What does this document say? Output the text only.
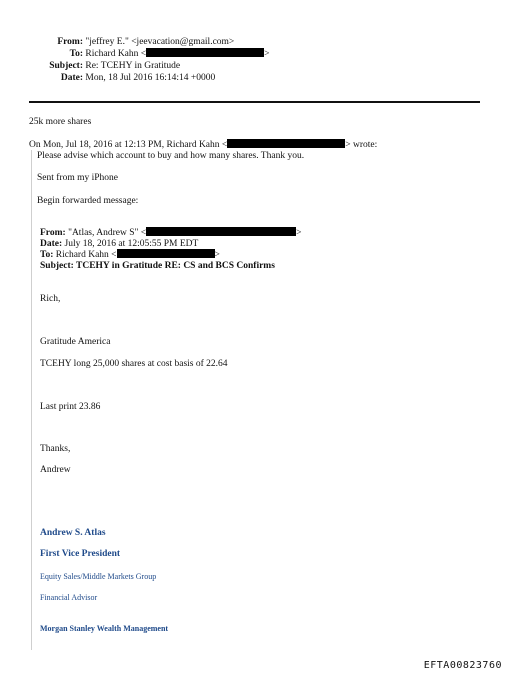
From: "jeffrey E." <jeevacation@gmail.com>
To: Richard Kahn <	>
Subject: Re: TCEHY in Gratitude
Date: Mon, 18 Jul 2016 16:14:14 +0000
25k more shares
On Mon, Jul 18, 2016 at 12:13 PM, Richard Kahn <	> wrote:
Please advise which account to buy and how many shares. Thank you.
Sent from my iPhone
Begin forwarded message:
From: "Atlas, Andrew S" <	>
Date: July 18, 2016 at 12:05:55 PM EDT
To: Richard Kahn <	>
Subject: TCEHY in Gratitude RE: CS and BCS Confirms
Rich,
Gratitude America
TCEHY long 25,000 shares at cost basis of 22.64
Last print 23.86
Thanks,
Andrew
Andrew S. Atlas
First Vice President
Equity Sales/Middle Markets Group
Financial Advisor
Morgan Stanley Wealth Management
EFTA00823760
